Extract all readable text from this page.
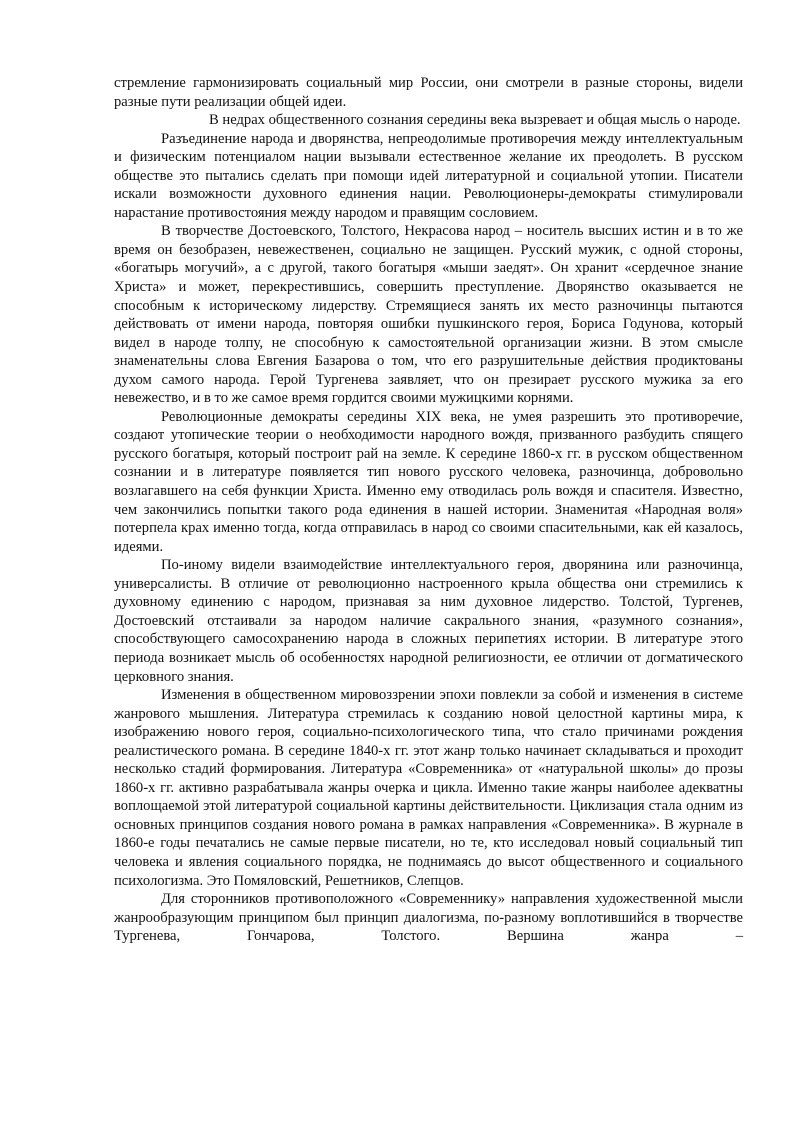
стремление гармонизировать социальный мир России, они смотрели в разные стороны, видели разные пути реализации общей идеи.

В недрах общественного сознания середины века вызревает и общая мысль о народе.

Разъединение народа и дворянства, непреодолимые противоречия между интеллектуальным и физическим потенциалом нации вызывали естественное желание их преодолеть. В русском обществе это пытались сделать при помощи идей литературной и социальной утопии. Писатели искали возможности духовного единения нации. Революционеры-демократы стимулировали нарастание противостояния между народом и правящим сословием.

В творчестве Достоевского, Толстого, Некрасова народ – носитель высших истин и в то же время он безобразен, невежественен, социально не защищен. Русский мужик, с одной стороны, «богатырь могучий», а с другой, такого богатыря «мыши заедят». Он хранит «сердечное знание Христа» и может, перекрестившись, совершить преступление. Дворянство оказывается не способным к историческому лидерству. Стремящиеся занять их место разночинцы пытаются действовать от имени народа, повторяя ошибки пушкинского героя, Бориса Годунова, который видел в народе толпу, не способную к самостоятельной организации жизни. В этом смысле знаменательны слова Евгения Базарова о том, что его разрушительные действия продиктованы духом самого народа. Герой Тургенева заявляет, что он презирает русского мужика за его невежество, и в то же самое время гордится своими мужицкими корнями.

Революционные демократы середины XIX века, не умея разрешить это противоречие, создают утопические теории о необходимости народного вождя, призванного разбудить спящего русского богатыря, который построит рай на земле. К середине 1860-х гг. в русском общественном сознании и в литературе появляется тип нового русского человека, разночинца, добровольно возлагавшего на себя функции Христа. Именно ему отводилась роль вождя и спасителя. Известно, чем закончились попытки такого рода единения в нашей истории. Знаменитая «Народная воля» потерпела крах именно тогда, когда отправилась в народ со своими спасительными, как ей казалось, идеями.

По-иному видели взаимодействие интеллектуального героя, дворянина или разночинца, универсалисты. В отличие от революционно настроенного крыла общества они стремились к духовному единению с народом, признавая за ним духовное лидерство. Толстой, Тургенев, Достоевский отстаивали за народом наличие сакрального знания, «разумного сознания», способствующего самосохранению народа в сложных перипетиях истории. В литературе этого периода возникает мысль об особенностях народной религиозности, ее отличии от догматического церковного знания.

Изменения в общественном мировоззрении эпохи повлекли за собой и изменения в системе жанрового мышления. Литература стремилась к созданию новой целостной картины мира, к изображению нового героя, социально-психологического типа, что стало причинами рождения реалистического романа. В середине 1840-х гг. этот жанр только начинает складываться и проходит несколько стадий формирования. Литература «Современника» от «натуральной школы» до прозы 1860-х гг. активно разрабатывала жанры очерка и цикла. Именно такие жанры наиболее адекватны воплощаемой этой литературой социальной картины действительности. Циклизация стала одним из основных принципов создания нового романа в рамках направления «Современника». В журнале в 1860-е годы печатались не самые первые писатели, но те, кто исследовал новый социальный тип человека и явления социального порядка, не поднимаясь до высот общественного и социального психологизма. Это Помяловский, Решетников, Слепцов.

Для сторонников противоположного «Современнику» направления художественной мысли жанрообразующим принципом был принцип диалогизма, по-разному воплотившийся в творчестве Тургенева, Гончарова, Толстого. Вершина жанра –
